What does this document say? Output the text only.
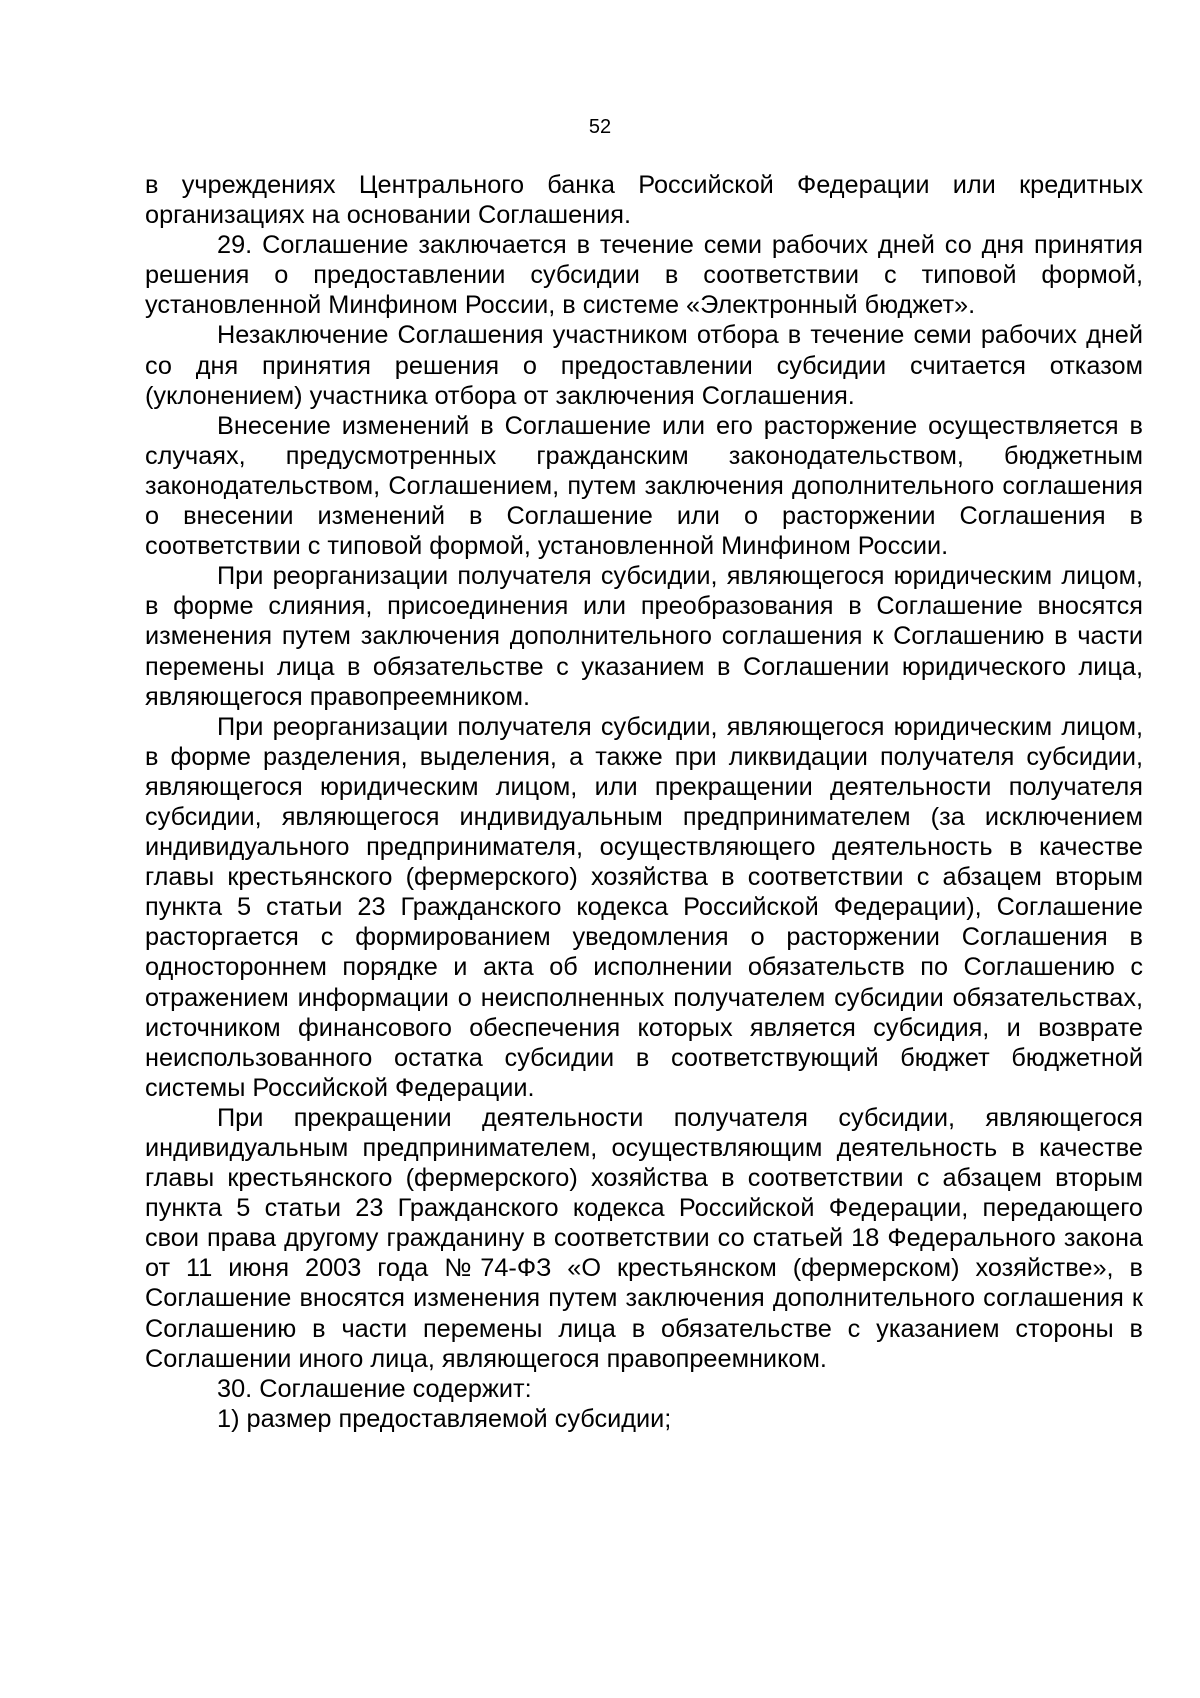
52

в учреждениях Центрального банка Российской Федерации или кредитных организациях на основании Соглашения.

29. Соглашение заключается в течение семи рабочих дней со дня принятия решения о предоставлении субсидии в соответствии с типовой формой, установленной Минфином России, в системе «Электронный бюджет».

Незаключение Соглашения участником отбора в течение семи рабочих дней со дня принятия решения о предоставлении субсидии считается отказом (уклонением) участника отбора от заключения Соглашения.

Внесение изменений в Соглашение или его расторжение осуществляется в случаях, предусмотренных гражданским законодательством, бюджетным законодательством, Соглашением, путем заключения дополнительного соглашения о внесении изменений в Соглашение или о расторжении Соглашения в соответствии с типовой формой, установленной Минфином России.

При реорганизации получателя субсидии, являющегося юридическим лицом, в форме слияния, присоединения или преобразования в Соглашение вносятся изменения путем заключения дополнительного соглашения к Соглашению в части перемены лица в обязательстве с указанием в Соглашении юридического лица, являющегося правопреемником.

При реорганизации получателя субсидии, являющегося юридическим лицом, в форме разделения, выделения, а также при ликвидации получателя субсидии, являющегося юридическим лицом, или прекращении деятельности получателя субсидии, являющегося индивидуальным предпринимателем (за исключением индивидуального предпринимателя, осуществляющего деятельность в качестве главы крестьянского (фермерского) хозяйства в соответствии с абзацем вторым пункта 5 статьи 23 Гражданского кодекса Российской Федерации), Соглашение расторгается с формированием уведомления о расторжении Соглашения в одностороннем порядке и акта об исполнении обязательств по Соглашению с отражением информации о неисполненных получателем субсидии обязательствах, источником финансового обеспечения которых является субсидия, и возврате неиспользованного остатка субсидии в соответствующий бюджет бюджетной системы Российской Федерации.

При прекращении деятельности получателя субсидии, являющегося индивидуальным предпринимателем, осуществляющим деятельность в качестве главы крестьянского (фермерского) хозяйства в соответствии с абзацем вторым пункта 5 статьи 23 Гражданского кодекса Российской Федерации, передающего свои права другому гражданину в соответствии со статьей 18 Федерального закона от 11 июня 2003 года №74-ФЗ «О крестьянском (фермерском) хозяйстве», в Соглашение вносятся изменения путем заключения дополнительного соглашения к Соглашению в части перемены лица в обязательстве с указанием стороны в Соглашении иного лица, являющегося правопреемником.

30. Соглашение содержит:

1) размер предоставляемой субсидии;
